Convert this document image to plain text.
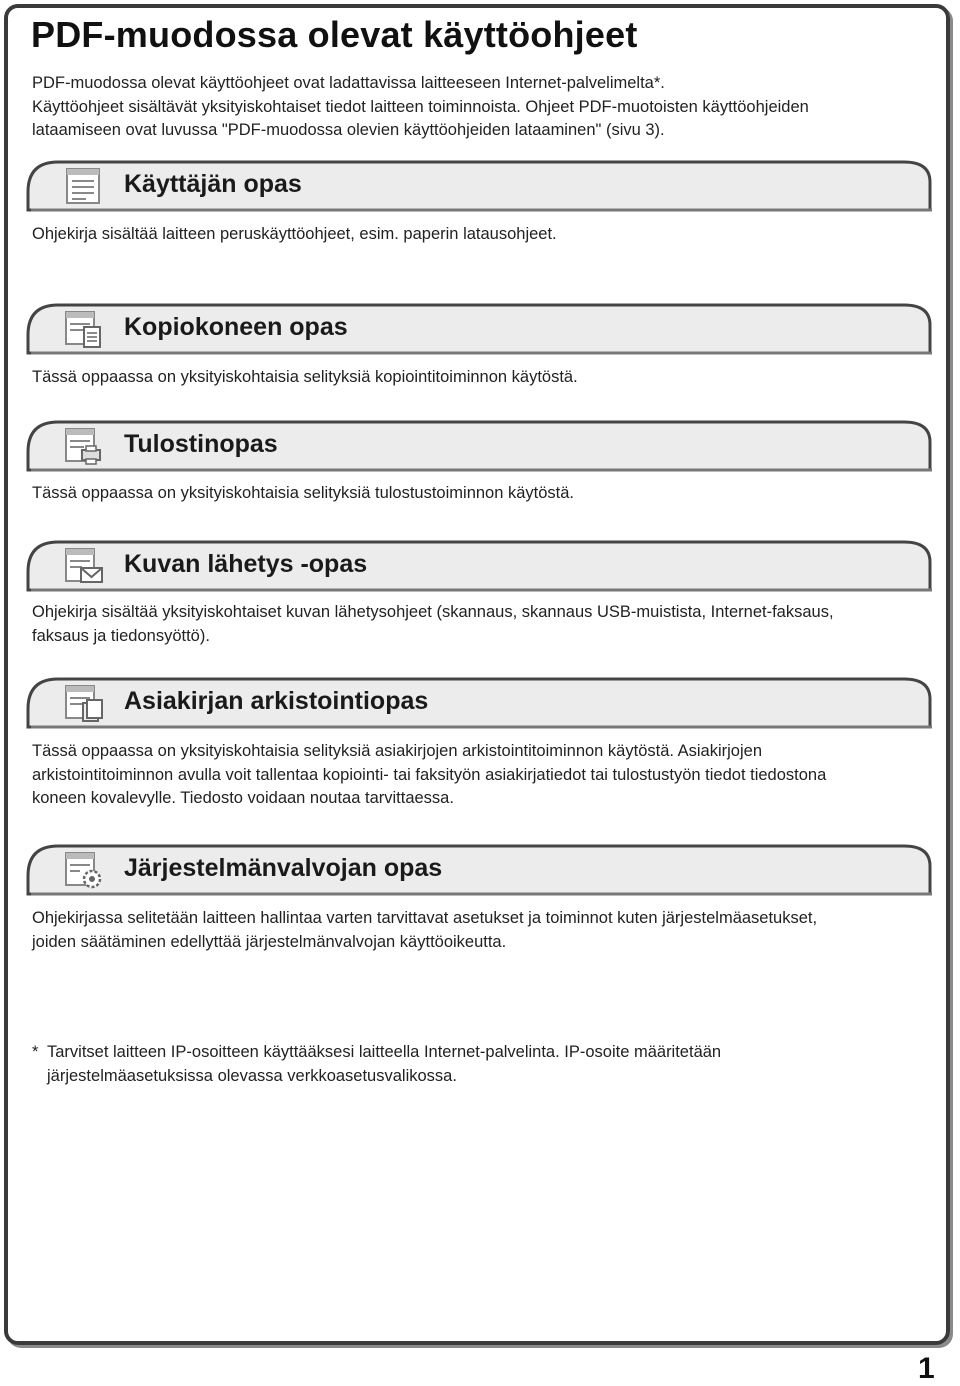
PDF-muodossa olevat käyttöohjeet
PDF-muodossa olevat käyttöohjeet ovat ladattavissa laitteeseen Internet-palvelimelta*.
Käyttöohjeet sisältävät yksityiskohtaiset tiedot laitteen toiminnoista. Ohjeet PDF-muotoisten käyttöohjeiden
lataamiseen ovat luvussa "PDF-muodossa olevien käyttöohjeiden lataaminen" (sivu 3).
Käyttäjän opas
Ohjekirja sisältää laitteen peruskäyttöohjeet, esim. paperin latausohjeet.
Kopiokoneen opas
Tässä oppaassa on yksityiskohtaisia selityksiä kopiointitoiminnon käytöstä.
Tulostinopas
Tässä oppaassa on yksityiskohtaisia selityksiä tulostustoiminnon käytöstä.
Kuvan lähetys -opas
Ohjekirja sisältää yksityiskohtaiset kuvan lähetysohjeet (skannaus, skannaus USB-muistista, Internet-faksaus,
faksaus ja tiedonsyöttö).
Asiakirjan arkistointiopas
Tässä oppaassa on yksityiskohtaisia selityksiä asiakirjojen arkistointitoiminnon käytöstä. Asiakirjojen
arkistointitoiminnon avulla voit tallentaa kopiointi- tai faksityön asiakirjatiedot tai tulostustyön tiedot tiedostona
koneen kovalevylle. Tiedosto voidaan noutaa tarvittaessa.
Järjestelmänvalvojan opas
Ohjekirjassa selitetään laitteen hallintaa varten tarvittavat asetukset ja toiminnot kuten järjestelmäasetukset,
joiden säätäminen edellyttää järjestelmänvalvojan käyttöoikeutta.
* Tarvitset laitteen IP-osoitteen käyttääksesi laitteella Internet-palvelinta. IP-osoite määritetään
järjestelmäasetuksissa olevassa verkkoasetusvalikossa.
1
